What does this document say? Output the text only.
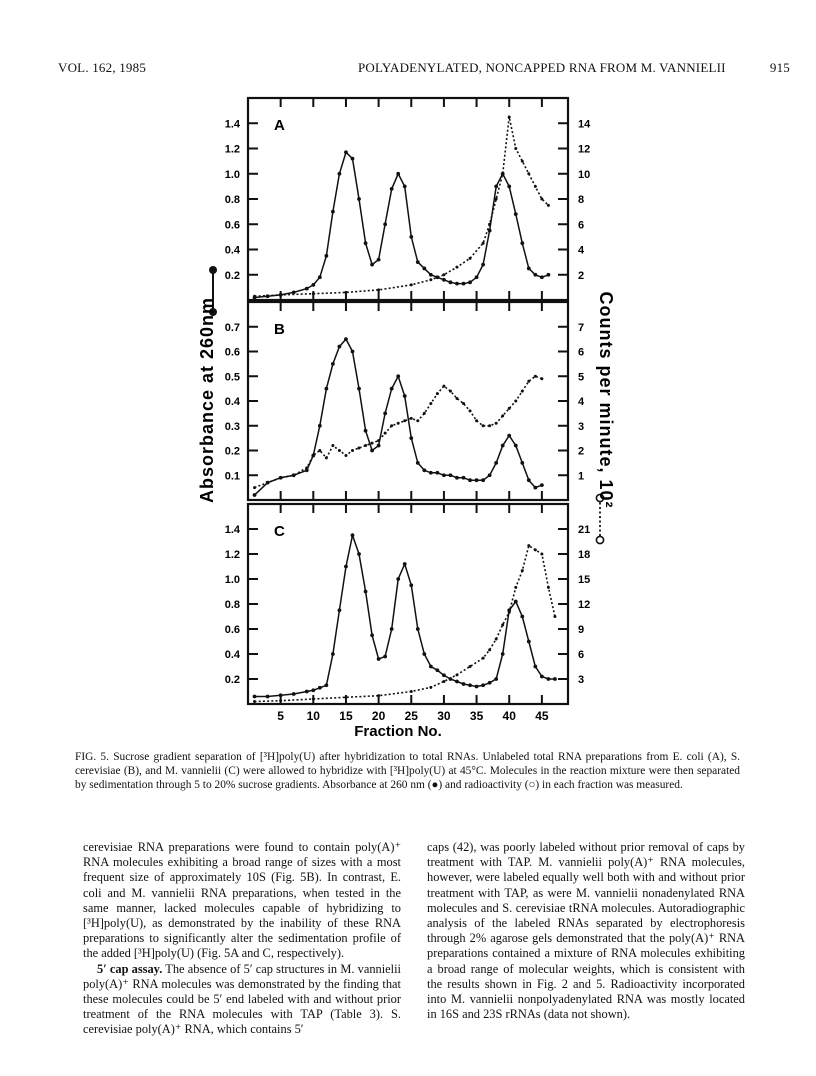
VOL. 162, 1985	POLYADENYLATED, NONCAPPED RNA FROM M. VANNIELII	915
A
0.2
0.4
0.6
0.8
1.0
1.2
1.4
2
4
6
8
10
12
14
B
0.1
0.2
0.3
0.4
0.5
0.6
0.7
1
2
3
4
5
6
7
C
0.2
0.4
0.6
0.8
1.0
1.2
1.4
3
6
9
12
15
18
21
5 10 15 20 25 30 35 40 45
Absorbance at 260nm	Counts per minute, 10²
Fraction No.
FIG. 5. Sucrose gradient separation of [³H]poly(U) after hybridization to total RNAs. Unlabeled total RNA preparations from E. coli (A), S. cerevisiae (B), and M. vannielii (C) were allowed to hybridize with [³H]poly(U) at 45°C. Molecules in the reaction mixture were then separated by sedimentation through 5 to 20% sucrose gradients. Absorbance at 260 nm (●) and radioactivity (○) in each fraction was measured.

cerevisiae RNA preparations were found to contain poly(A)⁺ RNA molecules exhibiting a broad range of sizes with a most frequent size of approximately 10S (Fig. 5B). In contrast, E. coli and M. vannielii RNA preparations, when tested in the same manner, lacked molecules capable of hybridizing to [³H]poly(U), as demonstrated by the inability of these RNA preparations to significantly alter the sedimentation profile of the added [³H]poly(U) (Fig. 5A and C, respectively).

5′ cap assay. The absence of 5′ cap structures in M. vannielii poly(A)⁺ RNA molecules was demonstrated by the finding that these molecules could be 5′ end labeled with and without prior treatment of the RNA molecules with TAP (Table 3). S. cerevisiae poly(A)⁺ RNA, which contains 5′

caps (42), was poorly labeled without prior removal of caps by treatment with TAP. M. vannielii poly(A)⁺ RNA molecules, however, were labeled equally well both with and without prior treatment with TAP, as were M. vannielii nonadenylated RNA molecules and S. cerevisiae tRNA molecules. Autoradiographic analysis of the labeled RNAs separated by electrophoresis through 2% agarose gels demonstrated that the poly(A)⁺ RNA preparations contained a mixture of RNA molecules exhibiting a broad range of molecular weights, which is consistent with the results shown in Fig. 2 and 5. Radioactivity incorporated into M. vannielii nonpolyadenylated RNA was mostly located in 16S and 23S rRNAs (data not shown).
